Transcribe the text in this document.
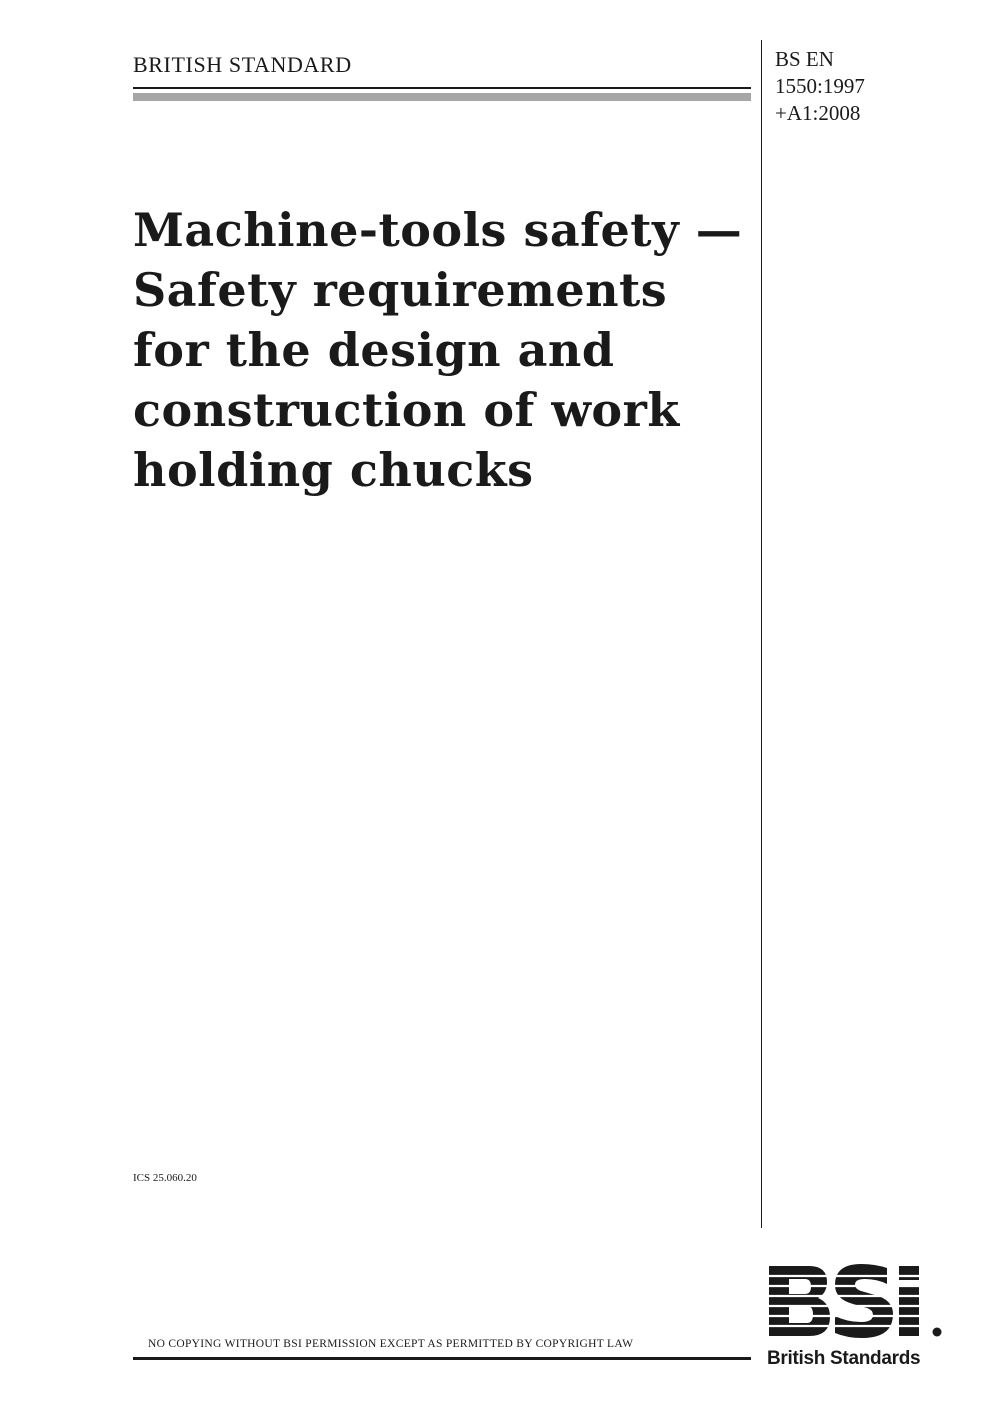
BRITISH STANDARD	BS EN
1550:1997
+A1:2008
Machine-tools safety —
Safety requirements
for the design and
construction of work
holding chucks
ICS 25.060.20
NO COPYING WITHOUT BSI PERMISSION EXCEPT AS PERMITTED BY COPYRIGHT LAW
British Standards
